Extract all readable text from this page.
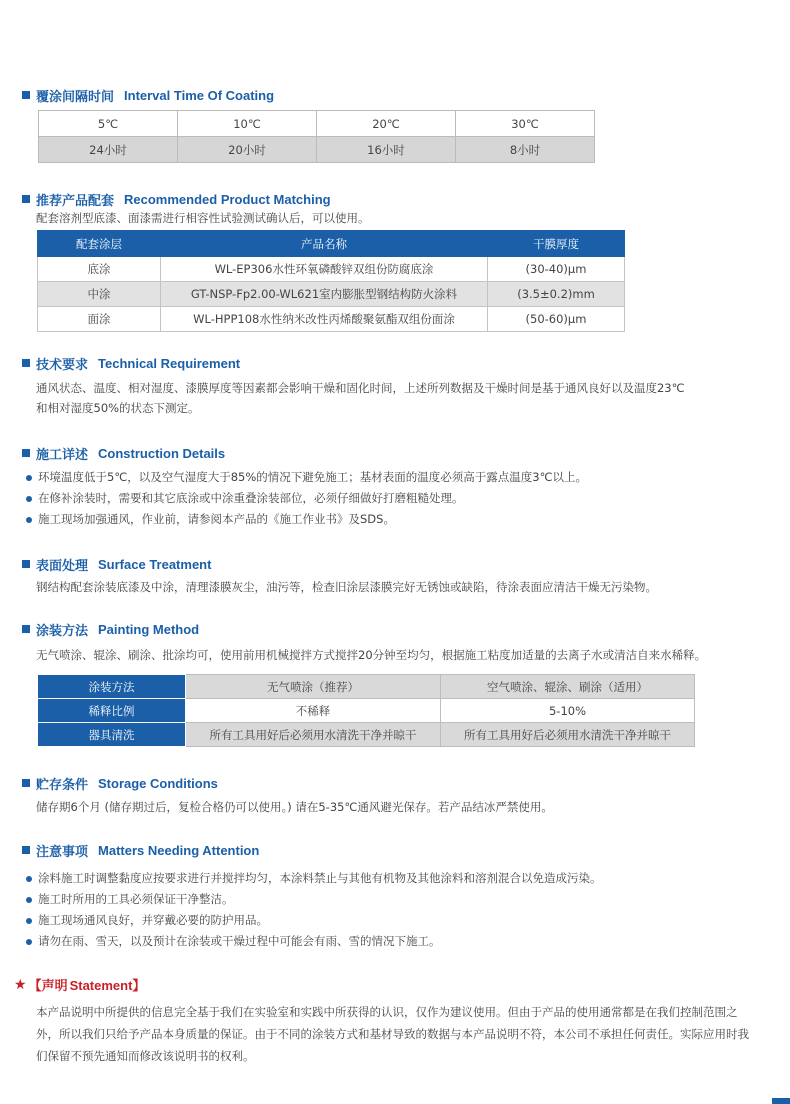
覆涂间隔时间 Interval Time Of Coating
5℃	10℃	20℃	30℃
24小时	20小时	16小时	8小时
推荐产品配套 Recommended Product Matching
配套溶剂型底漆、面漆需进行相容性试验测试确认后，可以使用。
配套涂层	产品名称	干膜厚度
底涂	WL-EP306水性环氧磷酸锌双组份防腐底涂	(30-40)μm
中涂	GT-NSP-Fp2.00-WL621室内膨胀型钢结构防火涂料	(3.5±0.2)mm
面涂	WL-HPP108水性纳米改性丙烯酸聚氨酯双组份面涂	(50-60)μm
技术要求 Technical Requirement
通风状态、温度、相对湿度、漆膜厚度等因素都会影响干燥和固化时间，上述所列数据及干燥时间是基于通风良好以及温度23℃
和相对湿度50%的状态下测定。
施工详述 Construction Details
环境温度低于5℃，以及空气湿度大于85%的情况下避免施工；基材表面的温度必须高于露点温度3℃以上。
在修补涂装时，需要和其它底涂或中涂重叠涂装部位，必须仔细做好打磨粗糙处理。
施工现场加强通风，作业前，请参阅本产品的《施工作业书》及SDS。
表面处理 Surface Treatment
钢结构配套涂装底漆及中涂，清理漆膜灰尘，油污等，检查旧涂层漆膜完好无锈蚀或缺陷，待涂表面应清洁干燥无污染物。
涂装方法 Painting Method
无气喷涂、辊涂、刷涂、批涂均可，使用前用机械搅拌方式搅拌20分钟至均匀，根据施工粘度加适量的去离子水或清洁自来水稀释。
涂装方法	无气喷涂（推荐）	空气喷涂、辊涂、刷涂（适用）
稀释比例	不稀释	5-10%
器具清洗	所有工具用好后必须用水清洗干净并晾干	所有工具用好后必须用水清洗干净并晾干
贮存条件 Storage Conditions
储存期6个月 (储存期过后，复检合格仍可以使用。) 请在5-35℃通风避光保存。若产品结冰严禁使用。
注意事项 Matters Needing Attention
涂料施工时调整黏度应按要求进行并搅拌均匀，本涂料禁止与其他有机物及其他涂料和溶剂混合以免造成污染。
施工时所用的工具必须保证干净整洁。
施工现场通风良好，并穿戴必要的防护用品。
请勿在雨、雪天，以及预计在涂装或干燥过程中可能会有雨、雪的情况下施工。
★ 【声明 Statement】
本产品说明中所提供的信息完全基于我们在实验室和实践中所获得的认识，仅作为建议使用。但由于产品的使用通常都是在我们控制范围之外，所以我们只给予产品本身质量的保证。由于不同的涂装方式和基材导致的数据与本产品说明不符，本公司不承担任何责任。实际应用时我们保留不预先通知而修改该说明书的权利。
